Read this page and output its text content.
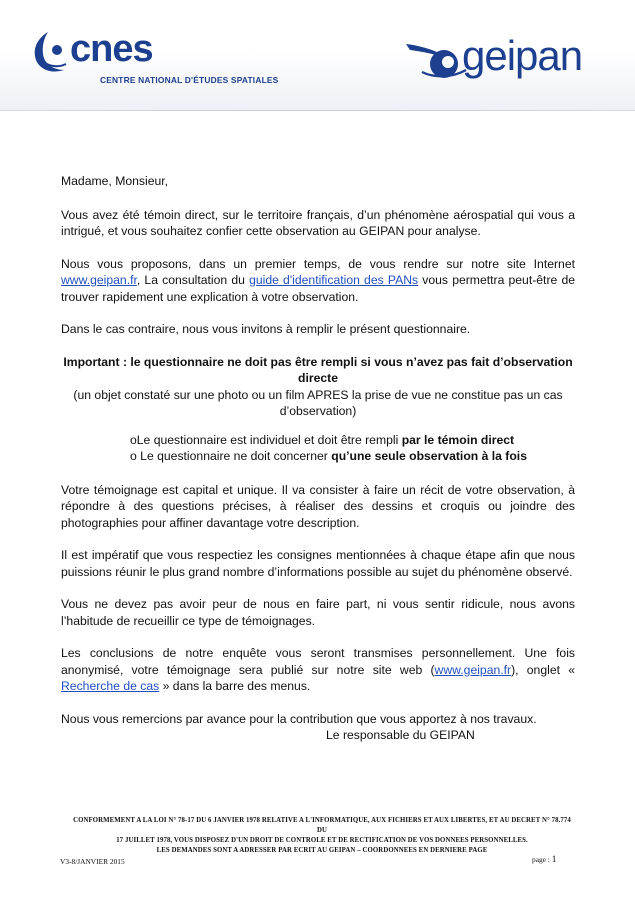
cnes
CENTRE NATIONAL D'ÉTUDES SPATIALES
geipan

Madame, Monsieur,

Vous avez été témoin direct, sur le territoire français, d’un phénomène aérospatial qui vous a intrigué, et vous souhaitez confier cette observation au GEIPAN pour analyse.

Nous vous proposons, dans un premier temps, de vous rendre sur notre site Internet www.geipan.fr, La consultation du guide d'identification des PANs vous permettra peut-être de trouver rapidement une explication à votre observation.

Dans le cas contraire, nous vous invitons à remplir le présent questionnaire.

Important : le questionnaire ne doit pas être rempli si vous n’avez pas fait d’observation directe

(un objet constaté sur une photo ou un film APRES la prise de vue ne constitue pas un cas d’observation)

oLe questionnaire est individuel et doit être rempli par le témoin direct
o Le questionnaire ne doit concerner qu’une seule observation à la fois

Votre témoignage est capital et unique. Il va consister à faire un récit de votre observation, à répondre à des questions précises, à réaliser des dessins et croquis ou joindre des photographies pour affiner davantage votre description.

Il est impératif que vous respectiez les consignes mentionnées à chaque étape afin que nous puissions réunir le plus grand nombre d’informations possible au sujet du phénomène observé.

Vous ne devez pas avoir peur de nous en faire part, ni vous sentir ridicule, nous avons l’habitude de recueillir ce type de témoignages.

Les conclusions de notre enquête vous seront transmises personnellement. Une fois anonymisé, votre témoignage sera publié sur notre site web (www.geipan.fr), onglet « Recherche de cas » dans la barre des menus.

Nous vous remercions par avance pour la contribution que vous apportez à nos travaux.

Le responsable du GEIPAN

CONFORMEMENT A LA LOI N° 78-17 DU 6 JANVIER 1978 RELATIVE A L'INFORMATIQUE, AUX FICHIERS ET AUX LIBERTES, ET AU DECRET N° 78.774 DU
17 JUILLET 1978, VOUS DISPOSEZ D'UN DROIT DE CONTROLE ET DE RECTIFICATION DE VOS DONNEES PERSONNELLES.
LES DEMANDES SONT A ADRESSER PAR ECRIT AU GEIPAN – COORDONNEES EN DERNIERE PAGE
V3-8/JANVIER 2015	page : 1
